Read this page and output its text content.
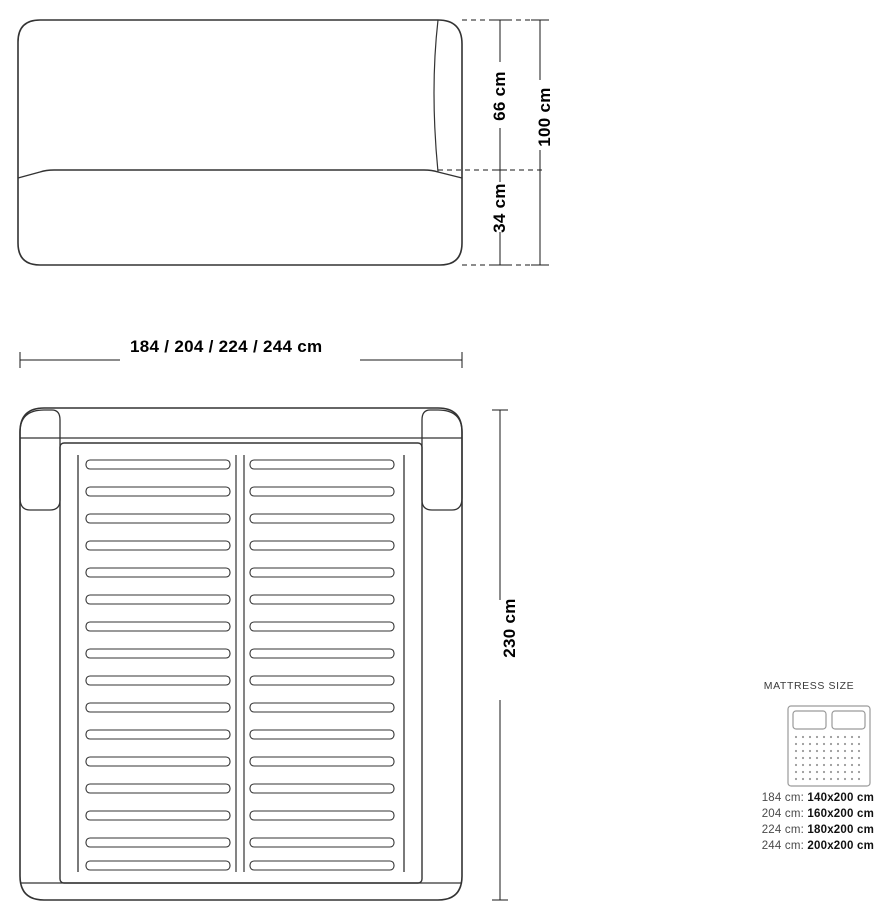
66 cm
34 cm
100 cm
184 / 204 / 224 / 244 cm
230 cm
MATTRESS SIZE
184 cm: 140x200 cm
204 cm: 160x200 cm
224 cm: 180x200 cm
244 cm: 200x200 cm
